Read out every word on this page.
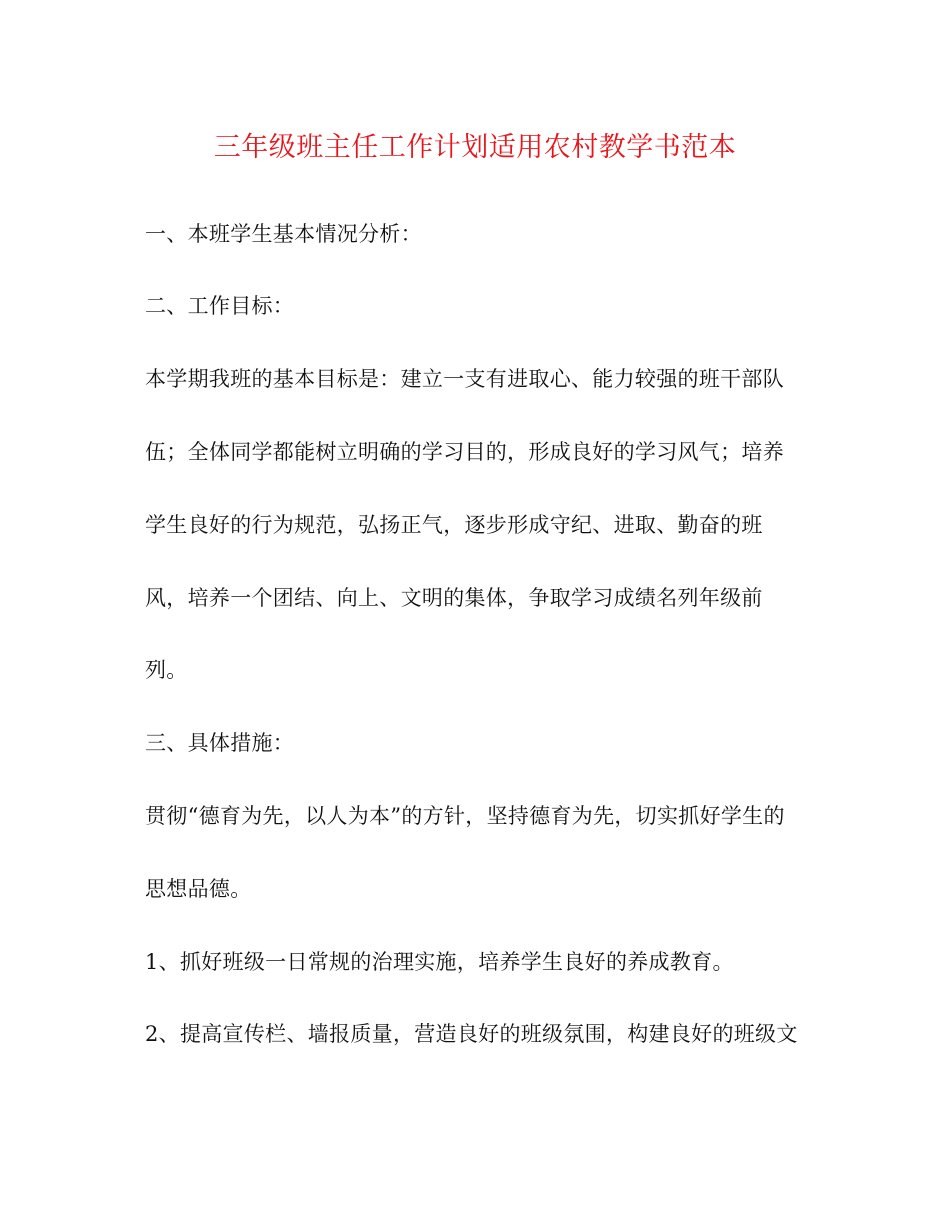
三年级班主任工作计划适用农村教学书范本
一、本班学生基本情况分析：
二、工作目标：
本学期我班的基本目标是：建立一支有进取心、能力较强的班干部队
伍；全体同学都能树立明确的学习目的，形成良好的学习风气；培养
学生良好的行为规范，弘扬正气，逐步形成守纪、进取、勤奋的班
风，培养一个团结、向上、文明的集体，争取学习成绩名列年级前
列。
三、具体措施：
贯彻“德育为先，以人为本”的方针，坚持德育为先，切实抓好学生的
思想品德。
1、抓好班级一日常规的治理实施，培养学生良好的养成教育。
2、提高宣传栏、墙报质量，营造良好的班级氛围，构建良好的班级文
